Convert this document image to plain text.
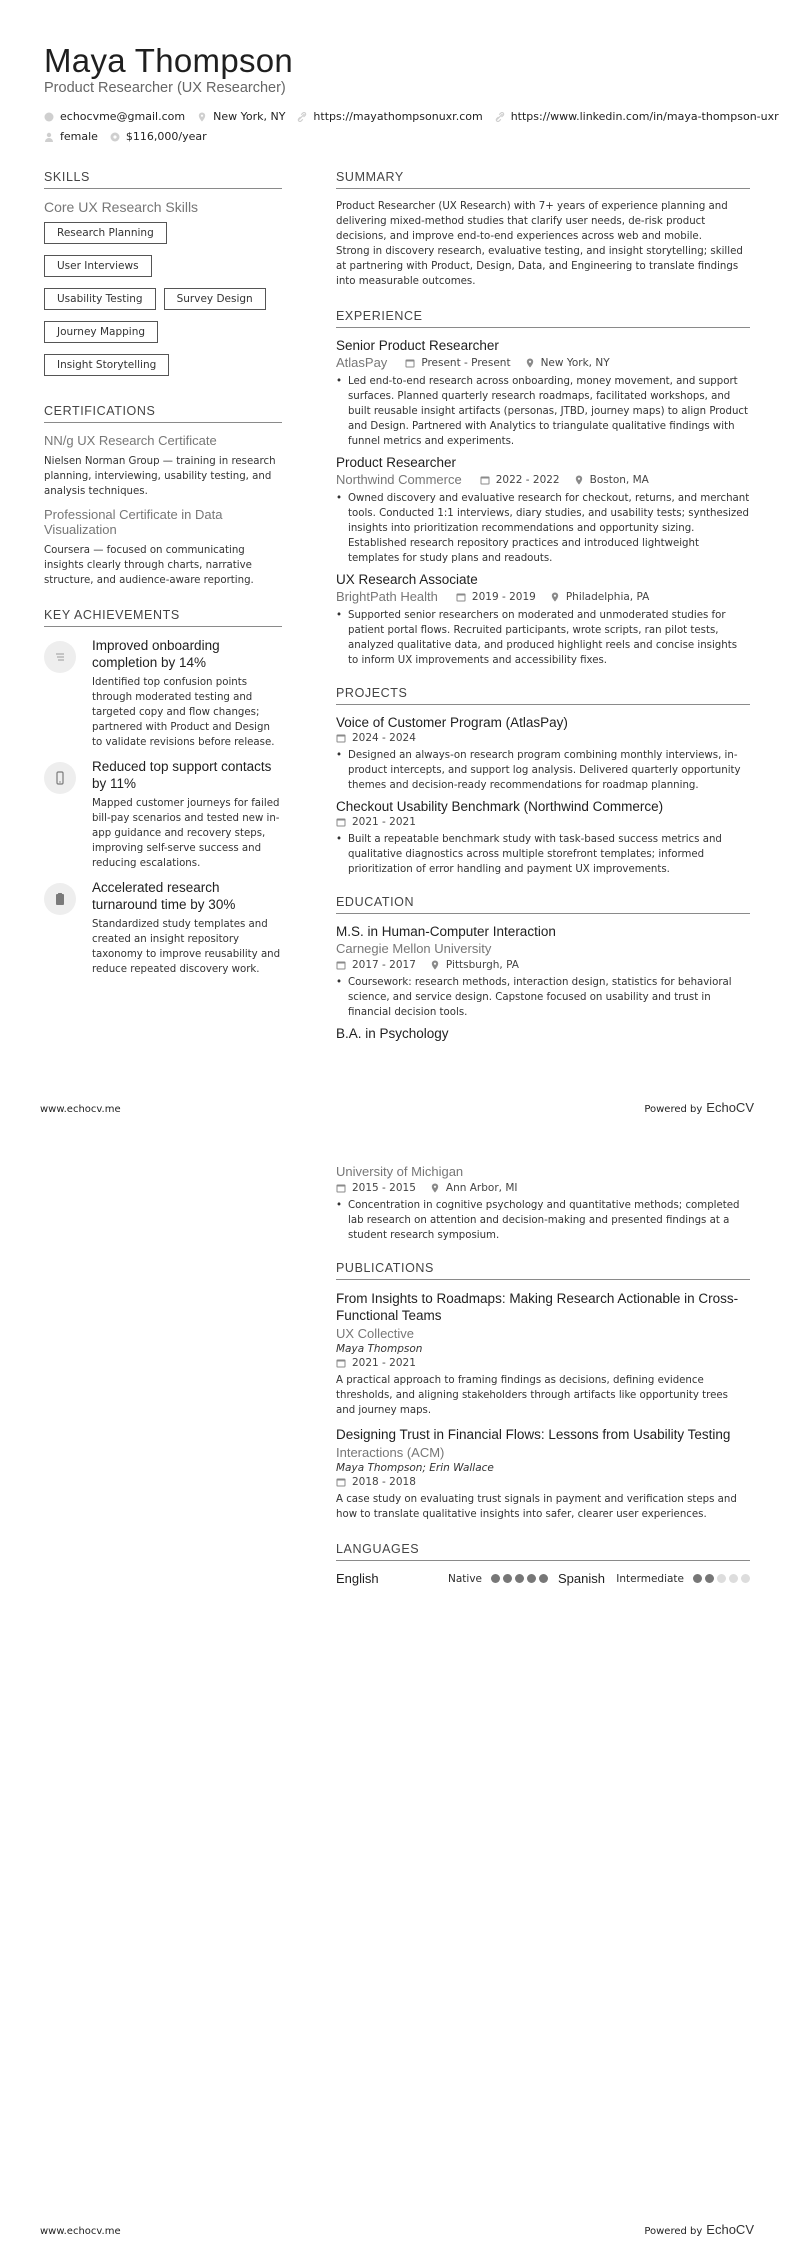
Maya Thompson
Product Researcher (UX Researcher)
echocvme@gmail.com	New York, NY	https://mayathompsonuxr.com	https://www.linkedin.com/in/maya-thompson-uxr
female	$116,000/year
SKILLS
Core UX Research Skills
Research PlanningUser Interviews
Usability Testing	Survey Design
Journey Mapping
Insight Storytelling
CERTIFICATIONS
NN/g UX Research Certificate
Nielsen Norman Group — training in research planning, interviewing, usability testing, and analysis techniques.
Professional Certificate in Data Visualization
Coursera — focused on communicating insights clearly through charts, narrative structure, and audience-aware reporting.
KEY ACHIEVEMENTS
Improved onboarding completion by 14%
Identified top confusion points through moderated testing and targeted copy and flow changes; partnered with Product and Design to validate revisions before release.
Reduced top support contacts by 11%
Mapped customer journeys for failed bill-pay scenarios and tested new in-app guidance and recovery steps, improving self-serve success and reducing escalations.
Accelerated research turnaround time by 30%
Standardized study templates and created an insight repository taxonomy to improve reusability and reduce repeated discovery work.
SUMMARY
Product Researcher (UX Research) with 7+ years of experience planning and delivering mixed-method studies that clarify user needs, de-risk product decisions, and improve end-to-end experiences across web and mobile.
Strong in discovery research, evaluative testing, and insight storytelling; skilled at partnering with Product, Design, Data, and Engineering to translate findings into measurable outcomes.
EXPERIENCE
Senior Product Researcher
AtlasPay	Present - Present	New York, NY
• Led end-to-end research across onboarding, money movement, and support surfaces. Planned quarterly research roadmaps, facilitated workshops, and built reusable insight artifacts (personas, JTBD, journey maps) to align Product and Design. Partnered with Analytics to triangulate qualitative findings with funnel metrics and experiments.
Product Researcher
Northwind Commerce	2022 - 2022	Boston, MA
• Owned discovery and evaluative research for checkout, returns, and merchant tools. Conducted 1:1 interviews, diary studies, and usability tests; synthesized insights into prioritization recommendations and opportunity sizing. Established research repository practices and introduced lightweight templates for study plans and readouts.
UX Research Associate
BrightPath Health	2019 - 2019	Philadelphia, PA
• Supported senior researchers on moderated and unmoderated studies for patient portal flows. Recruited participants, wrote scripts, ran pilot tests, analyzed qualitative data, and produced highlight reels and concise insights to inform UX improvements and accessibility fixes.
PROJECTS
Voice of Customer Program (AtlasPay)
2024 - 2024
• Designed an always-on research program combining monthly interviews, in-product intercepts, and support log analysis. Delivered quarterly opportunity themes and decision-ready recommendations for roadmap planning.
Checkout Usability Benchmark (Northwind Commerce)
2021 - 2021
• Built a repeatable benchmark study with task-based success metrics and qualitative diagnostics across multiple storefront templates; informed prioritization of error handling and payment UX improvements.
EDUCATION
M.S. in Human-Computer Interaction
Carnegie Mellon University
2017 - 2017	Pittsburgh, PA
• Coursework: research methods, interaction design, statistics for behavioral science, and service design. Capstone focused on usability and trust in financial decision tools.
B.A. in Psychology
www.echocv.me	Powered by EchoCV
University of Michigan
2015 - 2015	Ann Arbor, MI
• Concentration in cognitive psychology and quantitative methods; completed lab research on attention and decision-making and presented findings at a student research symposium.
PUBLICATIONS
From Insights to Roadmaps: Making Research Actionable in Cross-Functional Teams
UX Collective
Maya Thompson
2021 - 2021
A practical approach to framing findings as decisions, defining evidence thresholds, and aligning stakeholders through artifacts like opportunity trees and journey maps.
Designing Trust in Financial Flows: Lessons from Usability Testing
Interactions (ACM)
Maya Thompson; Erin Wallace
2018 - 2018
A case study on evaluating trust signals in payment and verification steps and how to translate qualitative insights into safer, clearer user experiences.
LANGUAGES
English	Native	Spanish Intermediate
www.echocv.me	Powered by EchoCV
